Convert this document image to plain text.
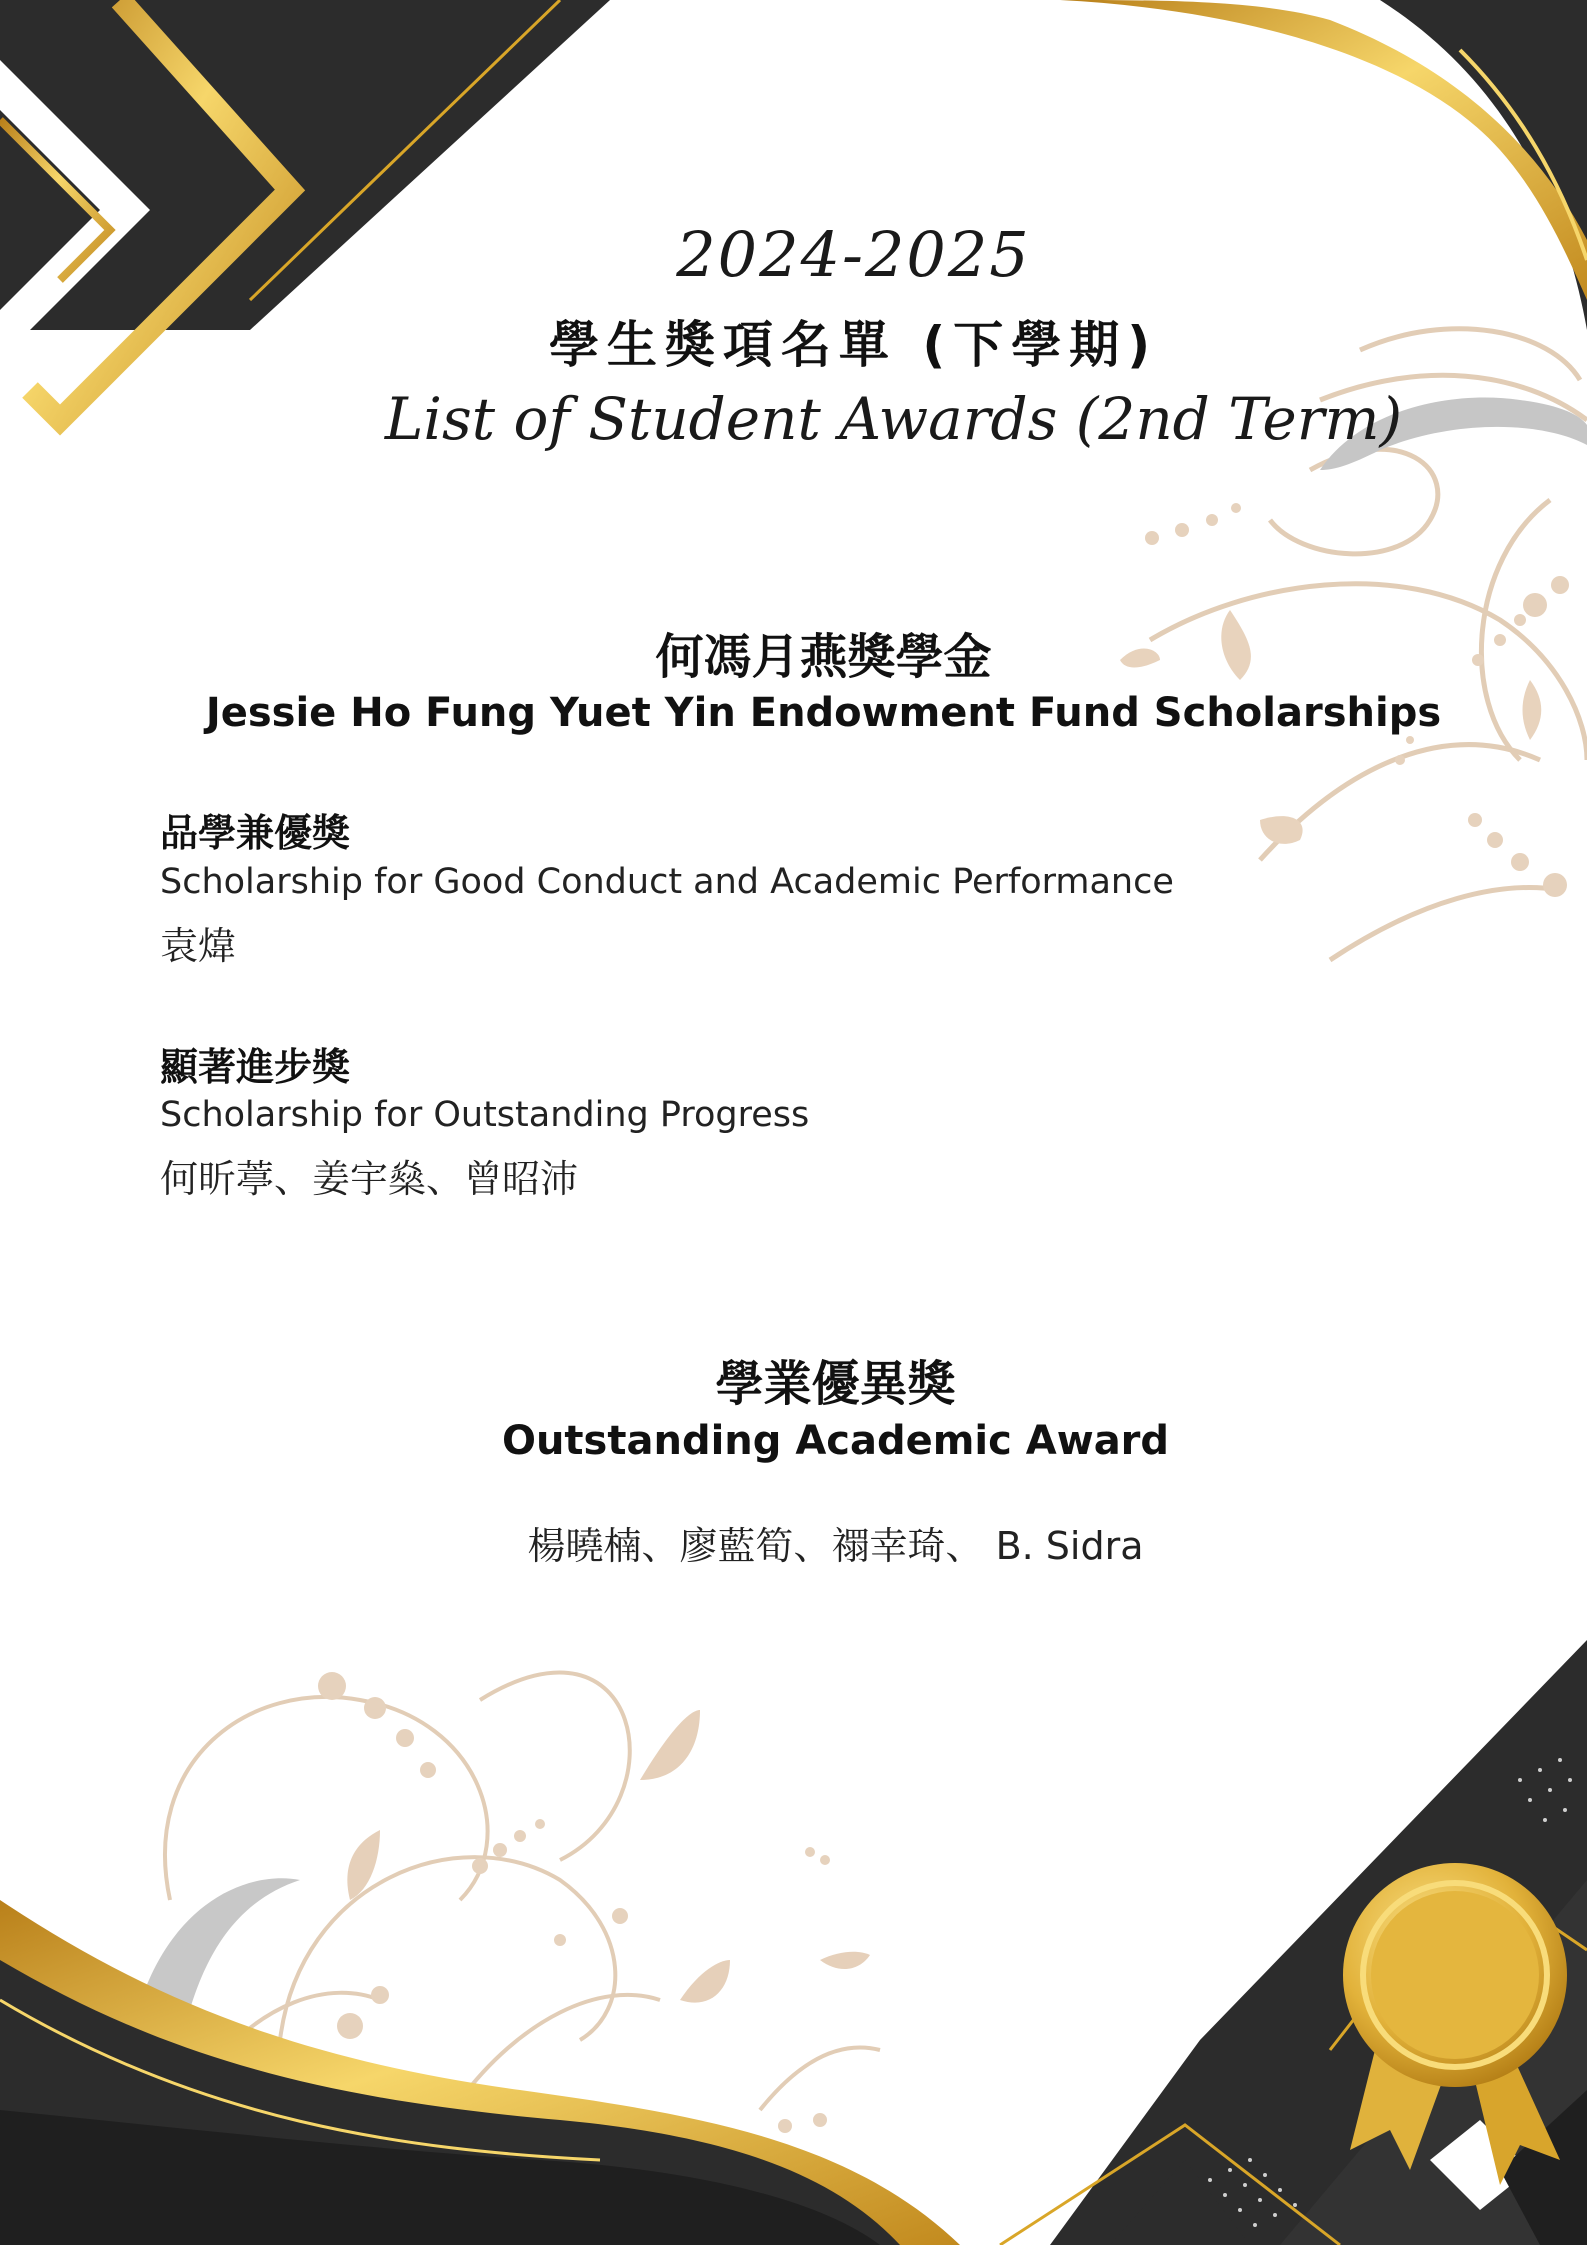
2024-2025

學生獎項名單 (下學期)

List of Student Awards (2nd Term)

何馮月燕獎學金

Jessie Ho Fung Yuet Yin Endowment Fund Scholarships

品學兼優獎

Scholarship for Good Conduct and Academic Performance

袁煒

顯著進步獎

Scholarship for Outstanding Progress

何昕葶、姜宇燊、曾昭沛

學業優異獎

Outstanding Academic Award

楊曉楠、廖藍筍、禤幸琦、 B. Sidra
